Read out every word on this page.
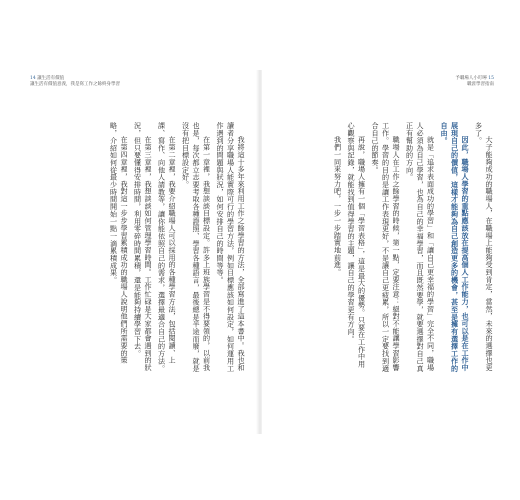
14 讓生活有價值
讓生活有價值意義，我是寫工作之餘終身學習

我將這十多年來利用工作之餘學習的方法，全部寫進了這本書中。我也和讀者分享職場人能實際可行的學習方法，例如目標應該如何設定，如何運用工作遇到的問題與狀況，如何安排自己的時間等等。

在第一章裡，我想談談目標設定。許多上班族學習是不得要領的，以前我也是，每次都立志要考取各種證照、學習各種語言，最後總是半途而廢，就是沒有把目標設定好。

在第二章裡，我要介紹職場人可以採用的各種學習方法，包括閱讀、上課、寫作、向他人請教等，讓你能依照自己的需求，選擇最適合自己的方法。

在第三章裡，我想談談如何管理學習時間。工作忙碌是大家都會遇到的狀況，但只要懂得安排時間，利用零碎時間累積，還是能夠持續學習下去。

在第四章裡，我對這一步步學習累積成功的職場人說明他們所需要的策略，介紹如何從最少時間開始一點一滴累積成果。

予職場人小叮嚀 15
職涯學習指南

大子能夠成功的職場人，在職場上能夠受到肯定，當然，未來的選擇也更多了。

因此，職場人學習的重點應該放在提高個人工作能力，也可以是在工作中展現自己的價值，這樣才能夠為自己創造更多的機會，甚至是擁有選擇工作的自由。

就是「追求表面成功的學習」和「讓自己更幸福的學習」完全不同，職場人必須為自己學習，也為自己的幸福學習，而且既然要學，就要選擇對自己真正有幫助的方向。

職場人在工作之餘學習的時候，第一點，定要注意：絕對不能讓學習影響工作。學習的目的是讓工作表現更好，不是讓自己更疲累，所以一定要找到適合自己的節奏。

再說，職場人擁有一個「學習表格」，這是最大的優勢。只要在工作中用心觀察與記錄，就能找到值得學習的主題，讓自己的學習更有方向。

我們一同來努力吧，一步一步踏實地前進。
